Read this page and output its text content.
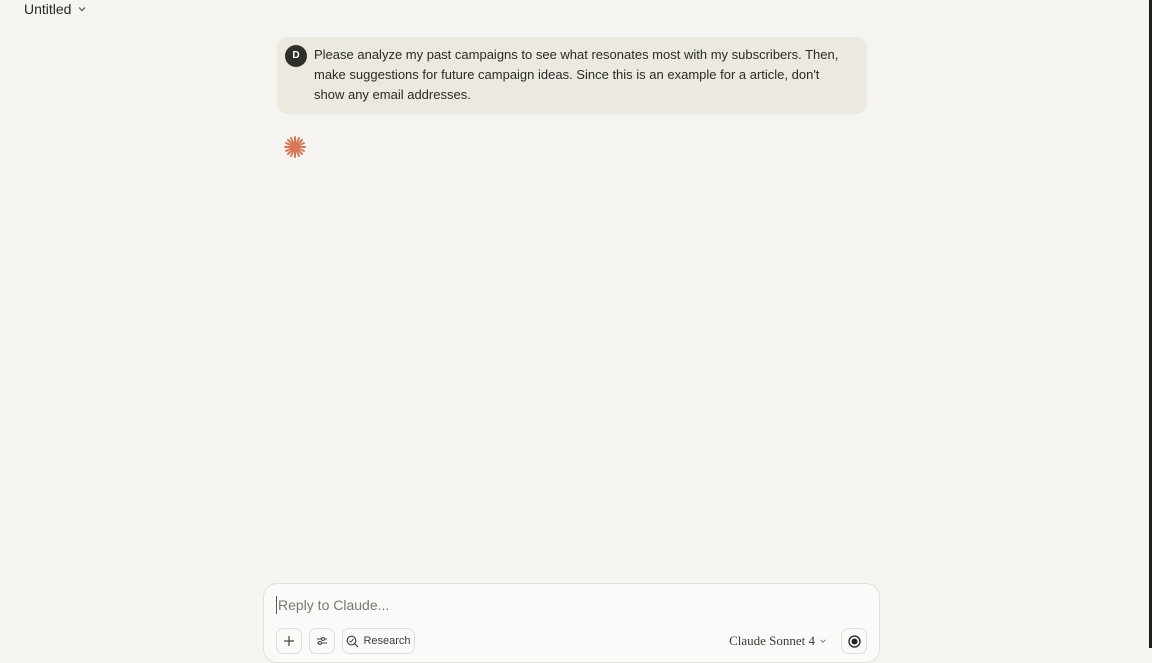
Untitled
D	Please analyze my past campaigns to see what resonates most with my subscribers. Then, make suggestions for future campaign ideas. Since this is an example for a article, don't show any email addresses.
Reply to Claude...
Research	Claude Sonnet 4
